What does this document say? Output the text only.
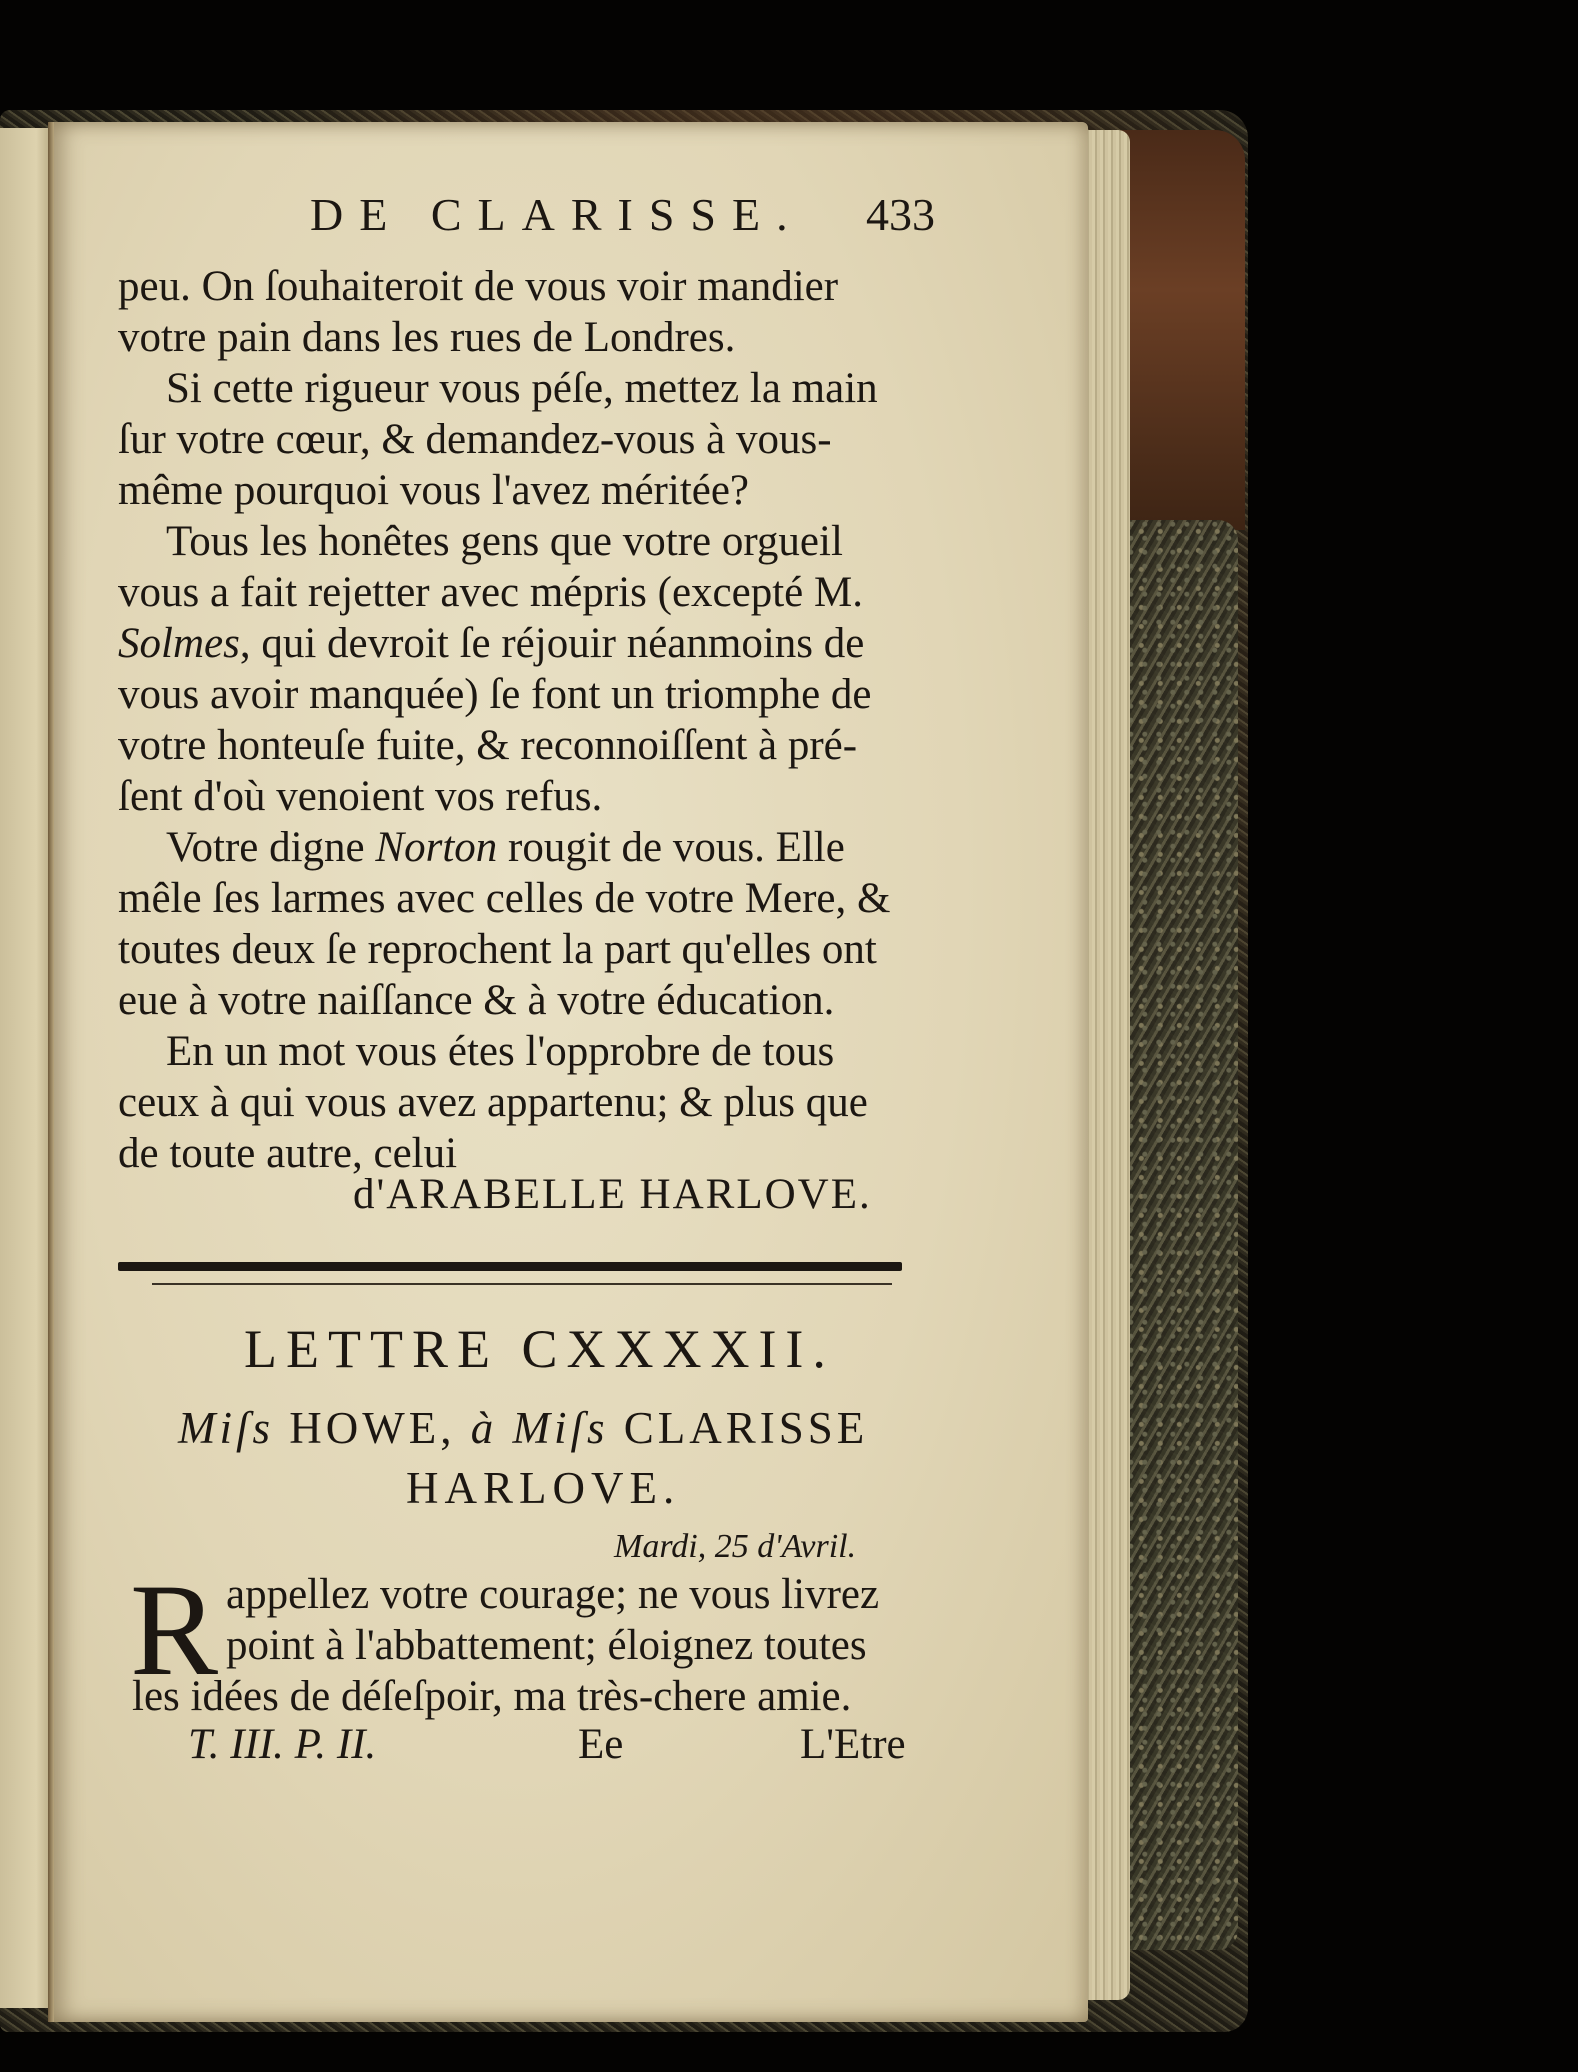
DE CLARISSE. 433
peu. On ſouhaiteroit de vous voir mandier
votre pain dans les rues de Londres.
Si cette rigueur vous péſe, mettez la main
ſur votre cœur, & demandez-vous à vous-
même pourquoi vous l'avez méritée?
Tous les honêtes gens que votre orgueil
vous a fait rejetter avec mépris (excepté M.
Solmes, qui devroit ſe réjouir néanmoins de
vous avoir manquée) ſe font un triomphe de
votre honteuſe fuite, & reconnoiſſent à pré-
ſent d'où venoient vos refus.
Votre digne Norton rougit de vous. Elle
mêle ſes larmes avec celles de votre Mere, &
toutes deux ſe reprochent la part qu'elles ont
eue à votre naiſſance & à votre éducation.
En un mot vous étes l'opprobre de tous
ceux à qui vous avez appartenu; & plus que
de toute autre, celui
d'ARABELLE HARLOVE.
LETTRE CXXXXII.
Miſs HOWE, à Miſs CLARISSE
HARLOVE.
Mardi, 25 d'Avril.
R appellez votre courage; ne vous livrez
point à l'abbattement; éloignez toutes
les idées de déſeſpoir, ma très-chere amie.
T. III. P. II.	Ee	L'Etre
